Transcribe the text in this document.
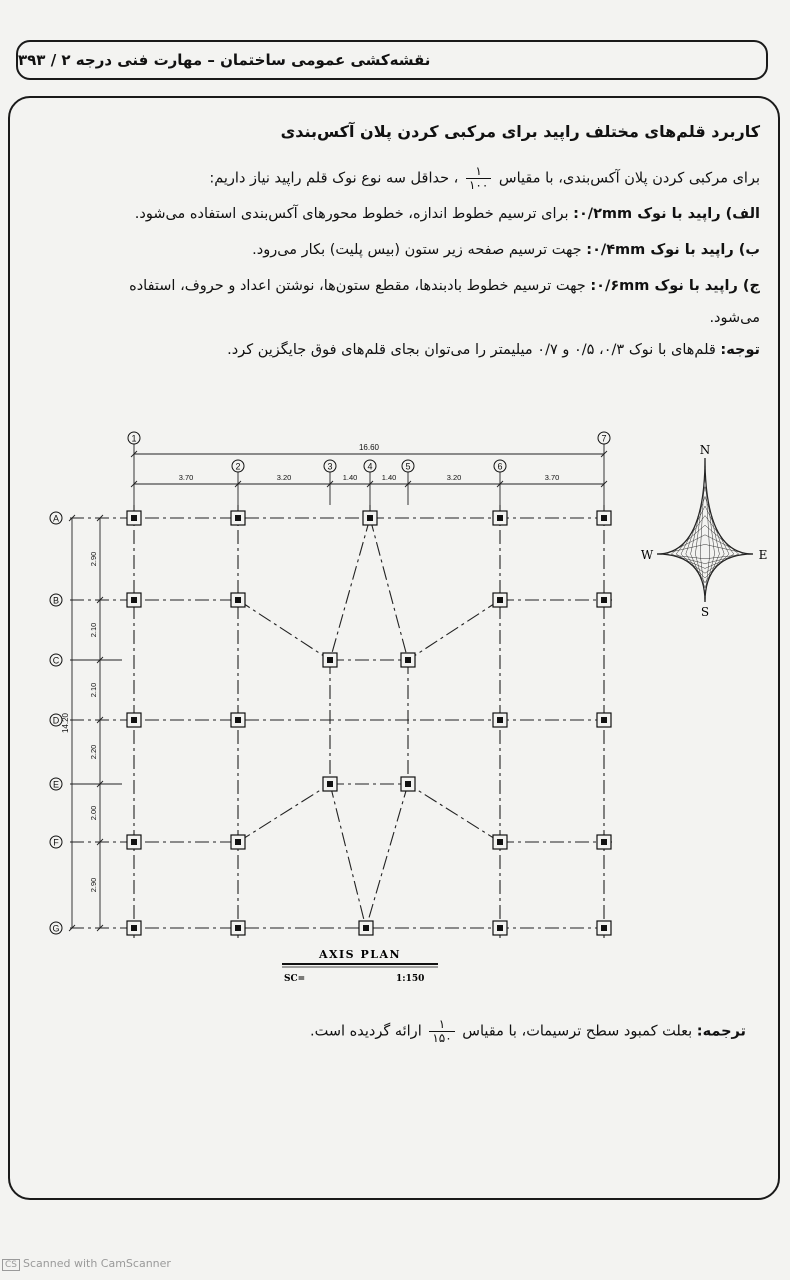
نقشه‌کشی عمومی ساختمان – مهارت فنی درجه ۲ / ۳۹۳
کاربرد قلم‌های مختلف راپید برای مرکبی کردن پلان آکس‌بندی
برای مرکبی کردن پلان آکس‌بندی، با مقیاس
$\frac{۱}{۱۰۰}$
، حداقل سه نوع نوک قلم راپید نیاز داریم:
الف) راپید با نوک ۰/۲mm: برای ترسیم خطوط اندازه، خطوط محورهای آکس‌بندی استفاده می‌شود.
ب) راپید با نوک ۰/۴mm: جهت ترسیم صفحه زیر ستون (بیس پلیت) بکار می‌رود.
ج) راپید با نوک ۰/۶mm: جهت ترسیم خطوط بادبندها، مقطع ستون‌ها، نوشتن اعداد و حروف، استفاده
می‌شود.
توجه: قلم‌های با نوک ۰/۳، ۰/۵ و ۰/۷ میلیمتر را می‌توان بجای قلم‌های فوق جایگزین کرد.
1
2	3	4	5	6
7
A
B
C
D
E
F
G
16.60
3.70	3.20	1.40	1.40	3.20	3.70
14.20
2.90
2.10
2.10
2.20
2.00
2.90
N
S
E
W
AXIS PLAN
SC=	1:150
ترجمه: بعلت کمبود سطح ترسیمات، با مقیاس
$\frac{۱}{۱۵۰}$
ارائه گردیده است.
CS Scanned with CamScanner
